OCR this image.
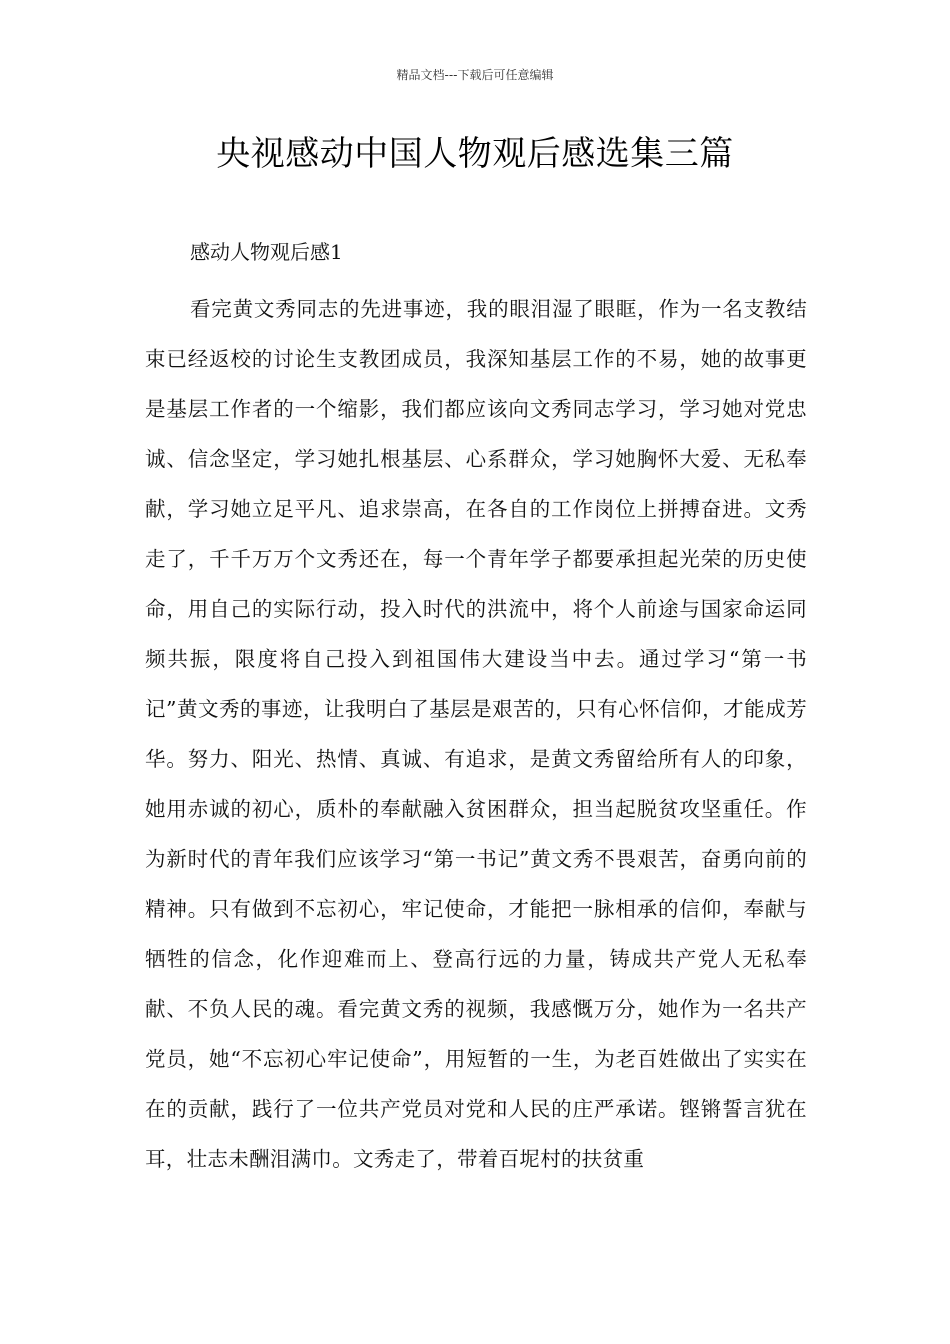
精品文档---下载后可任意编辑
央视感动中国人物观后感选集三篇
感动人物观后感1

看完黄文秀同志的先进事迹，我的眼泪湿了眼眶，作为一名支教结束已经返校的讨论生支教团成员，我深知基层工作的不易，她的故事更是基层工作者的一个缩影，我们都应该向文秀同志学习，学习她对党忠诚、信念坚定，学习她扎根基层、心系群众，学习她胸怀大爱、无私奉献，学习她立足平凡、追求崇高，在各自的工作岗位上拼搏奋进。文秀走了，千千万万个文秀还在，每一个青年学子都要承担起光荣的历史使命，用自己的实际行动，投入时代的洪流中，将个人前途与国家命运同频共振，限度将自己投入到祖国伟大建设当中去。通过学习“第一书记”黄文秀的事迹，让我明白了基层是艰苦的，只有心怀信仰，才能成芳华。努力、阳光、热情、真诚、有追求，是黄文秀留给所有人的印象，她用赤诚的初心，质朴的奉献融入贫困群众，担当起脱贫攻坚重任。作为新时代的青年我们应该学习“第一书记”黄文秀不畏艰苦，奋勇向前的精神。只有做到不忘初心，牢记使命，才能把一脉相承的信仰，奉献与牺牲的信念，化作迎难而上、登高行远的力量，铸成共产党人无私奉献、不负人民的魂。看完黄文秀的视频，我感慨万分，她作为一名共产党员，她“不忘初心牢记使命”，用短暂的一生，为老百姓做出了实实在在的贡献，践行了一位共产党员对党和人民的庄严承诺。铿锵誓言犹在耳，壮志未酬泪满巾。文秀走了，带着百坭村的扶贫重
